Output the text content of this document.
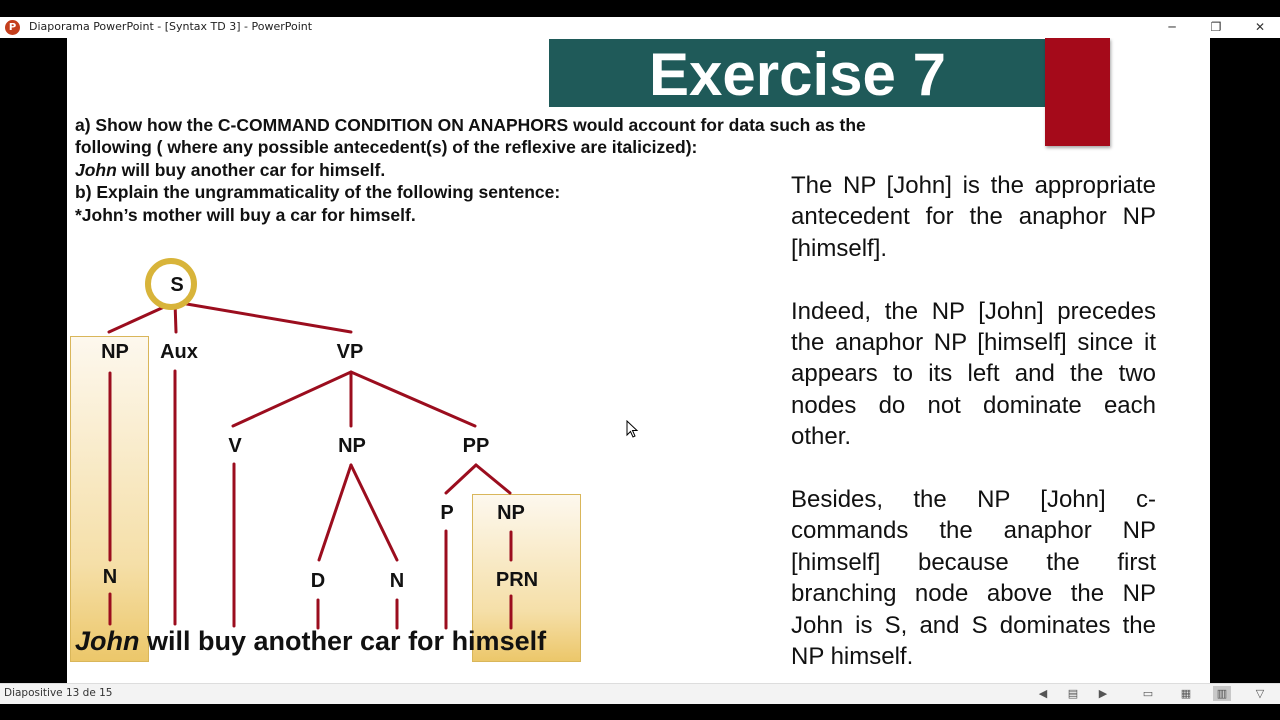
P	Diaporama PowerPoint - [Syntax TD 3] - PowerPoint	─	❐	✕
Exercise 7

a) Show how the C-COMMAND CONDITION ON ANAPHORS would account for data such as the

following ( where any possible antecedent(s) of the reflexive are italicized):

John will buy another car for himself.

b) Explain the ungrammaticality of the following sentence:

*John’s mother will buy a car for himself.

The NP [John] is the appropriate antecedent for the anaphor NP [himself].

Indeed, the NP [John] precedes the anaphor NP [himself] since it appears to its left and the two nodes do not dominate each other.

Besides, the NP [John] c-commands the anaphor NP [himself] because the first branching node above the NP John is S, and S dominates the NP himself.

S
NP Aux	VP
V	NP	PP
P NP
N	D	N	PRN
John will buy another car for himself
Diapositive 13 de 15	◀	▤	▶	▭	▦	▥	▽
